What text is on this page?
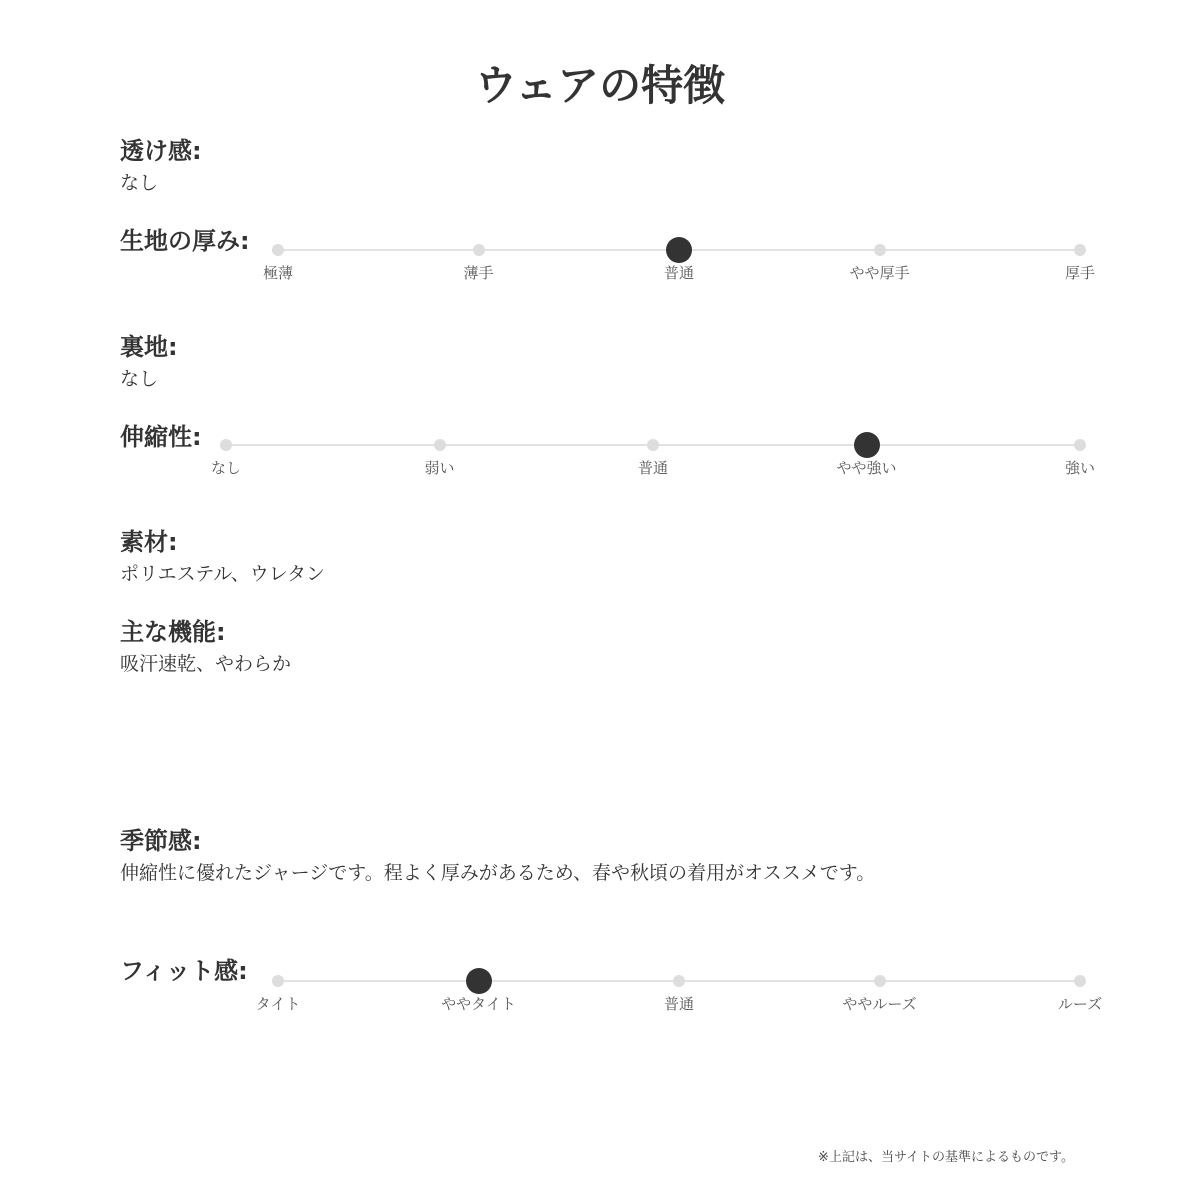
ウェアの特徴
透け感:
なし
生地の厚み:
極薄	薄手	普通	やや厚手	厚手
裏地:
なし
伸縮性:
なし	弱い	普通	やや強い	強い
素材:
ポリエステル、ウレタン
主な機能:
吸汗速乾、やわらか
季節感:
伸縮性に優れたジャージです。程よく厚みがあるため、春や秋頃の着用がオススメです。
フィット感:
タイト	ややタイト	普通	ややルーズ	ルーズ
※上記は、当サイトの基準によるものです。
